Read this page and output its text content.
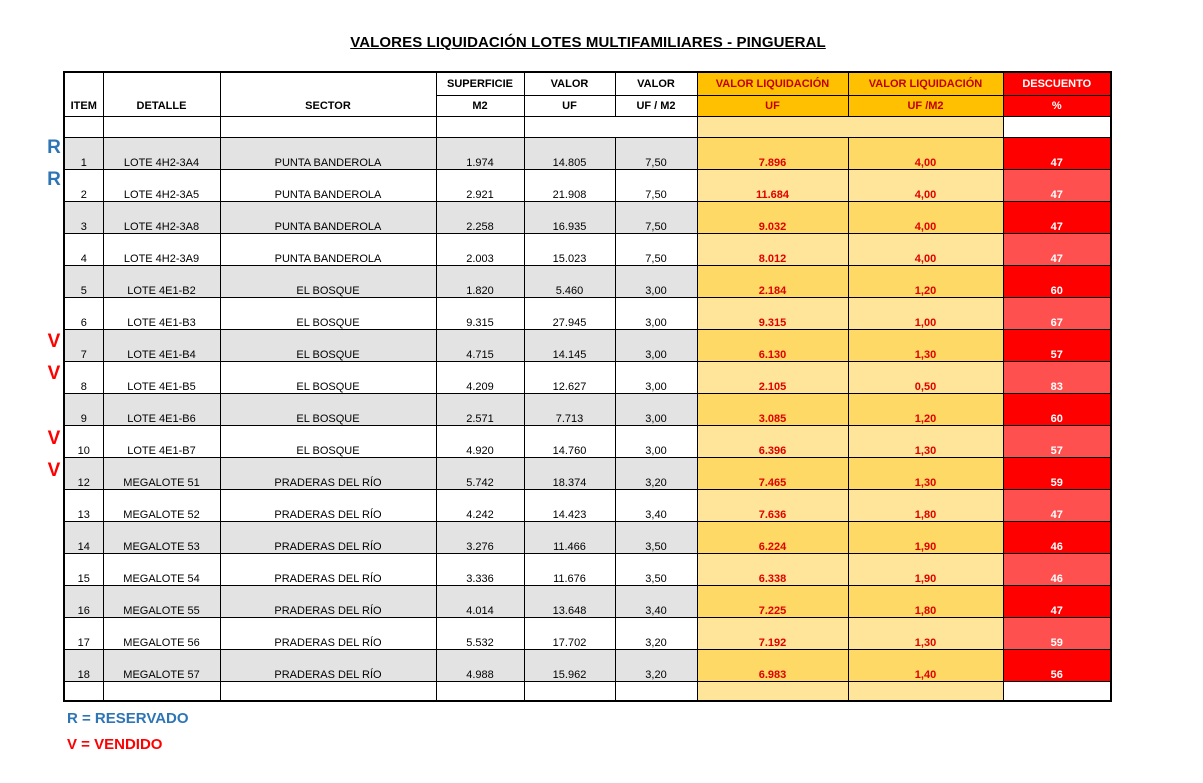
VALORES LIQUIDACIÓN LOTES MULTIFAMILIARES - PINGUERAL
			SUPERFICIE	VALOR	VALOR	VALOR LIQUIDACIÓN	VALOR LIQUIDACIÓN	DESCUENTO
ITEM	DETALLE	SECTOR	M2	UF	UF / M2	UF	UF /M2	%

1	LOTE 4H2-3A4	PUNTA BANDEROLA	1.974	14.805	7,50	7.896	4,00	47
2	LOTE 4H2-3A5	PUNTA BANDEROLA	2.921	21.908	7,50	11.684	4,00	47
3	LOTE 4H2-3A8	PUNTA BANDEROLA	2.258	16.935	7,50	9.032	4,00	47
4	LOTE 4H2-3A9	PUNTA BANDEROLA	2.003	15.023	7,50	8.012	4,00	47
5	LOTE 4E1-B2	EL BOSQUE	1.820	5.460	3,00	2.184	1,20	60
6	LOTE 4E1-B3	EL BOSQUE	9.315	27.945	3,00	9.315	1,00	67
7	LOTE 4E1-B4	EL BOSQUE	4.715	14.145	3,00	6.130	1,30	57
8	LOTE 4E1-B5	EL BOSQUE	4.209	12.627	3,00	2.105	0,50	83
9	LOTE 4E1-B6	EL BOSQUE	2.571	7.713	3,00	3.085	1,20	60
10	LOTE 4E1-B7	EL BOSQUE	4.920	14.760	3,00	6.396	1,30	57
12	MEGALOTE 51	PRADERAS DEL RÍO	5.742	18.374	3,20	7.465	1,30	59
13	MEGALOTE 52	PRADERAS DEL RÍO	4.242	14.423	3,40	7.636	1,80	47
14	MEGALOTE 53	PRADERAS DEL RÍO	3.276	11.466	3,50	6.224	1,90	46
15	MEGALOTE 54	PRADERAS DEL RÍO	3.336	11.676	3,50	6.338	1,90	46
16	MEGALOTE 55	PRADERAS DEL RÍO	4.014	13.648	3,40	7.225	1,80	47
17	MEGALOTE 56	PRADERAS DEL RÍO	5.532	17.702	3,20	7.192	1,30	59
18	MEGALOTE 57	PRADERAS DEL RÍO	4.988	15.962	3,20	6.983	1,40	56

R
R
V
V
V
V
R = RESERVADO
V = VENDIDO
